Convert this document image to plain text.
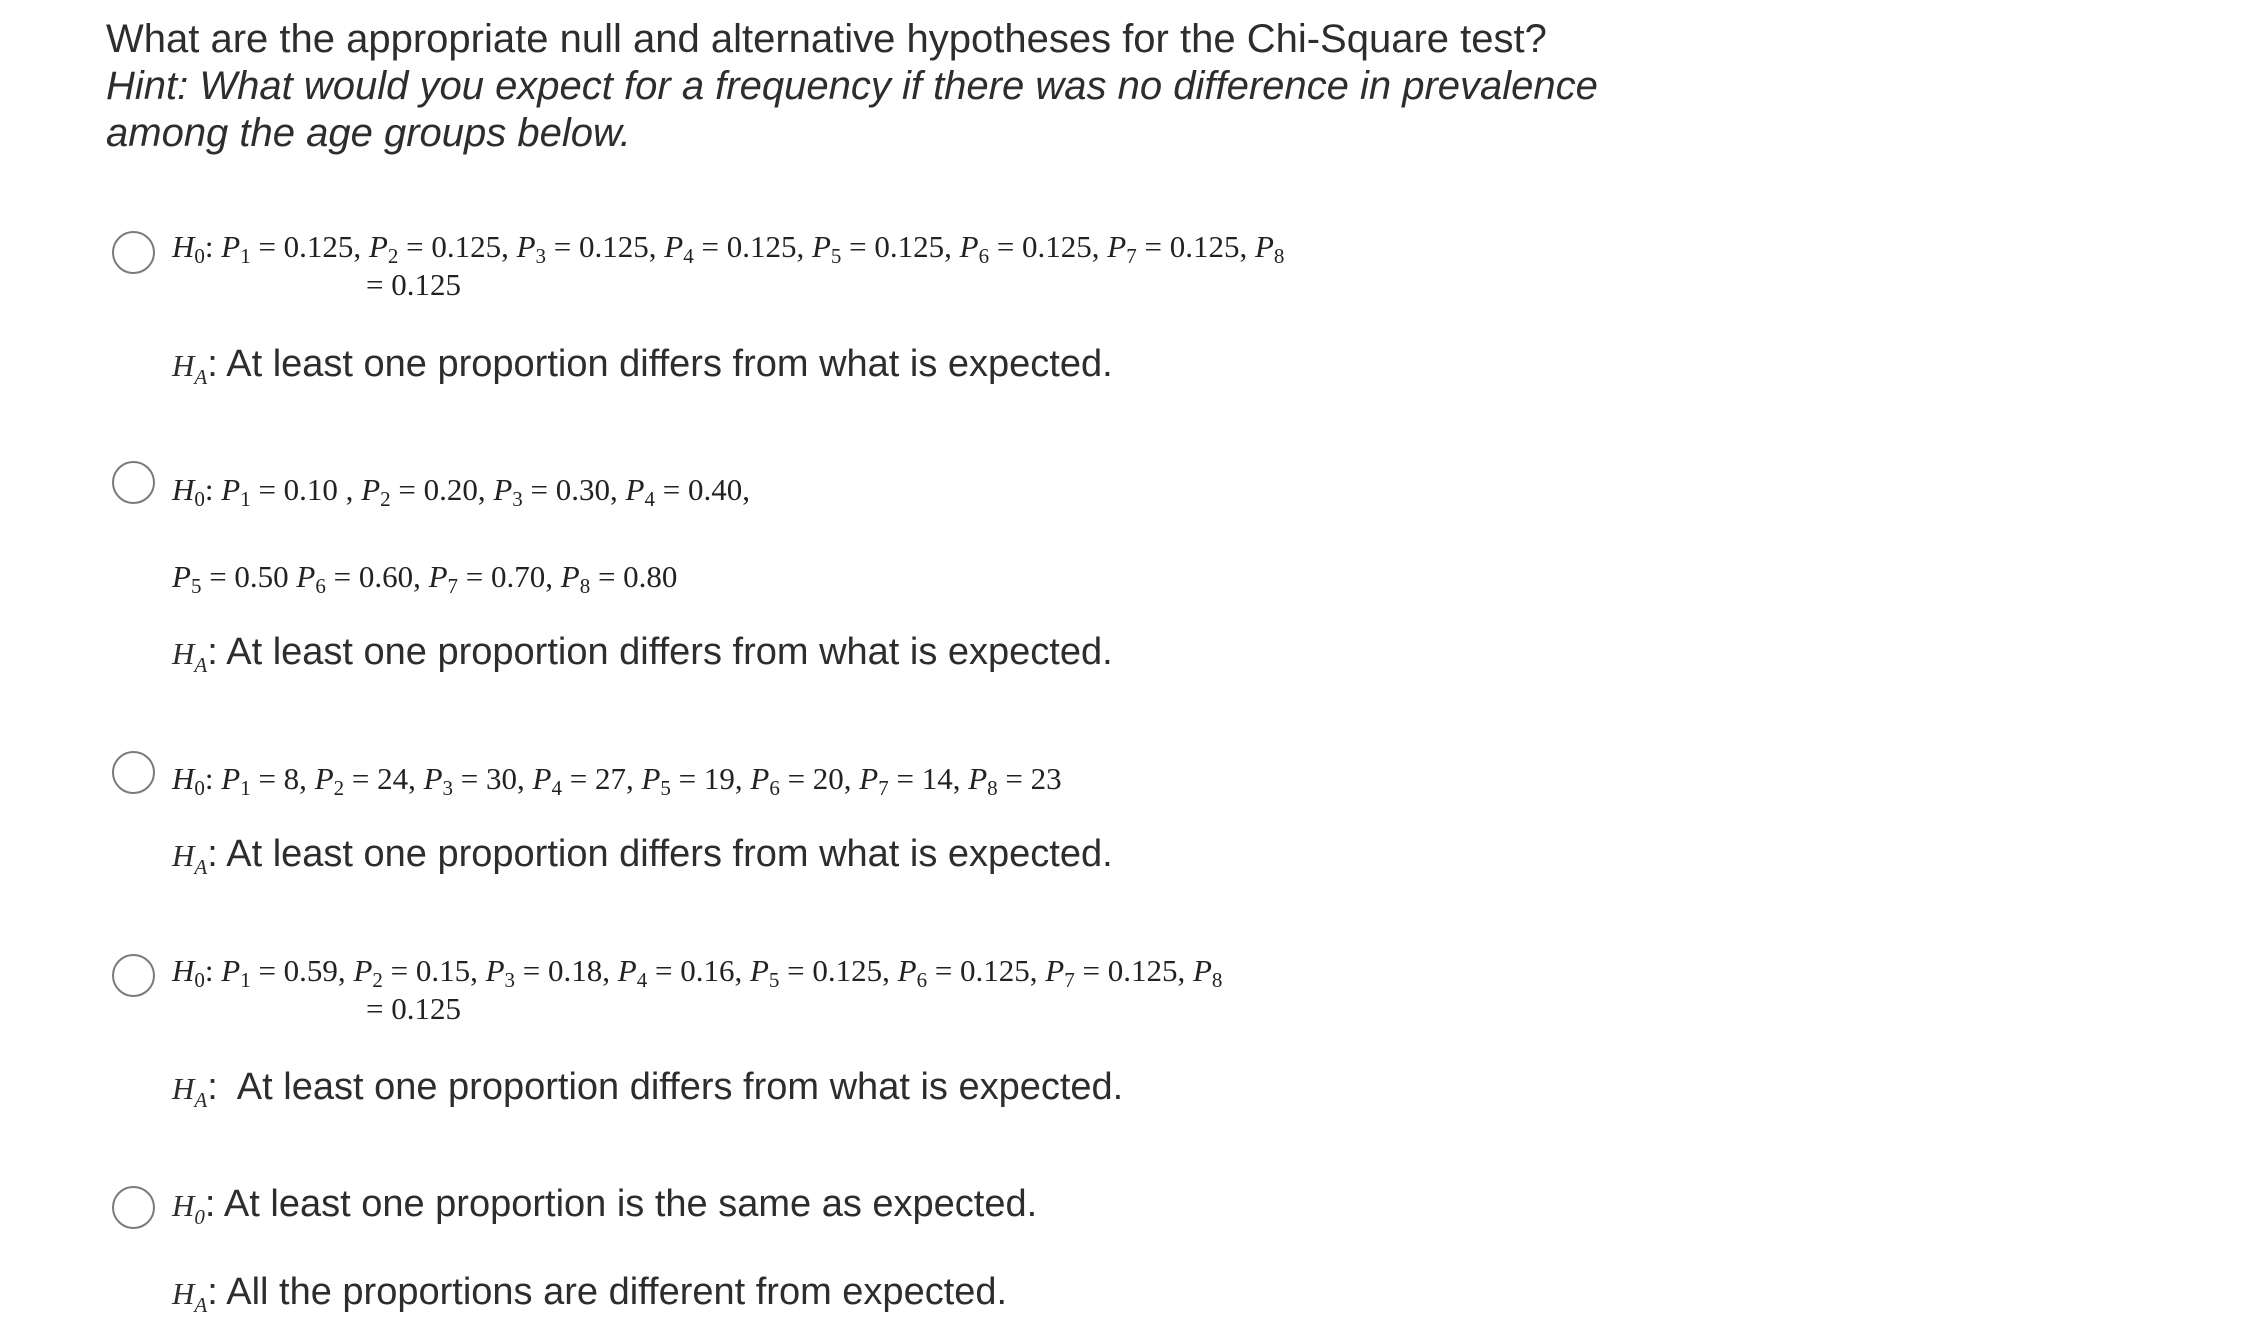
What are the appropriate null and alternative hypotheses for the Chi-Square test?
Hint: What would you expect for a frequency if there was no difference in prevalence among the age groups below.
$H_0$: $P_1 = 0.125$, $P_2 = 0.125$, $P_3 = 0.125$, $P_4 = 0.125$, $P_5 = 0.125$, $P_6 = 0.125$, $P_7 = 0.125$, $P_8$
= 0.125
$H_A$: At least one proportion differs from what is expected.
$H_0$: $P_1 = 0.10$ , $P_2 = 0.20$, $P_3 = 0.30$, $P_4 = 0.40$,
$P_5 = 0.50$ $P_6 = 0.60$, $P_7 = 0.70$, $P_8 = 0.80$
$H_A$: At least one proportion differs from what is expected.
$H_0$: $P_1 = 8$, $P_2 = 24$, $P_3 = 30$, $P_4 = 27$, $P_5 = 19$, $P_6 = 20$, $P_7 = 14$, $P_8 = 23$
$H_A$: At least one proportion differs from what is expected.
$H_0$: $P_1 = 0.59$, $P_2 = 0.15$, $P_3 = 0.18$, $P_4 = 0.16$, $P_5 = 0.125$, $P_6 = 0.125$, $P_7 = 0.125$, $P_8$
= 0.125
$H_A$:  At least one proportion differs from what is expected.
$H_0$: At least one proportion is the same as expected.
$H_A$: All the proportions are different from expected.
